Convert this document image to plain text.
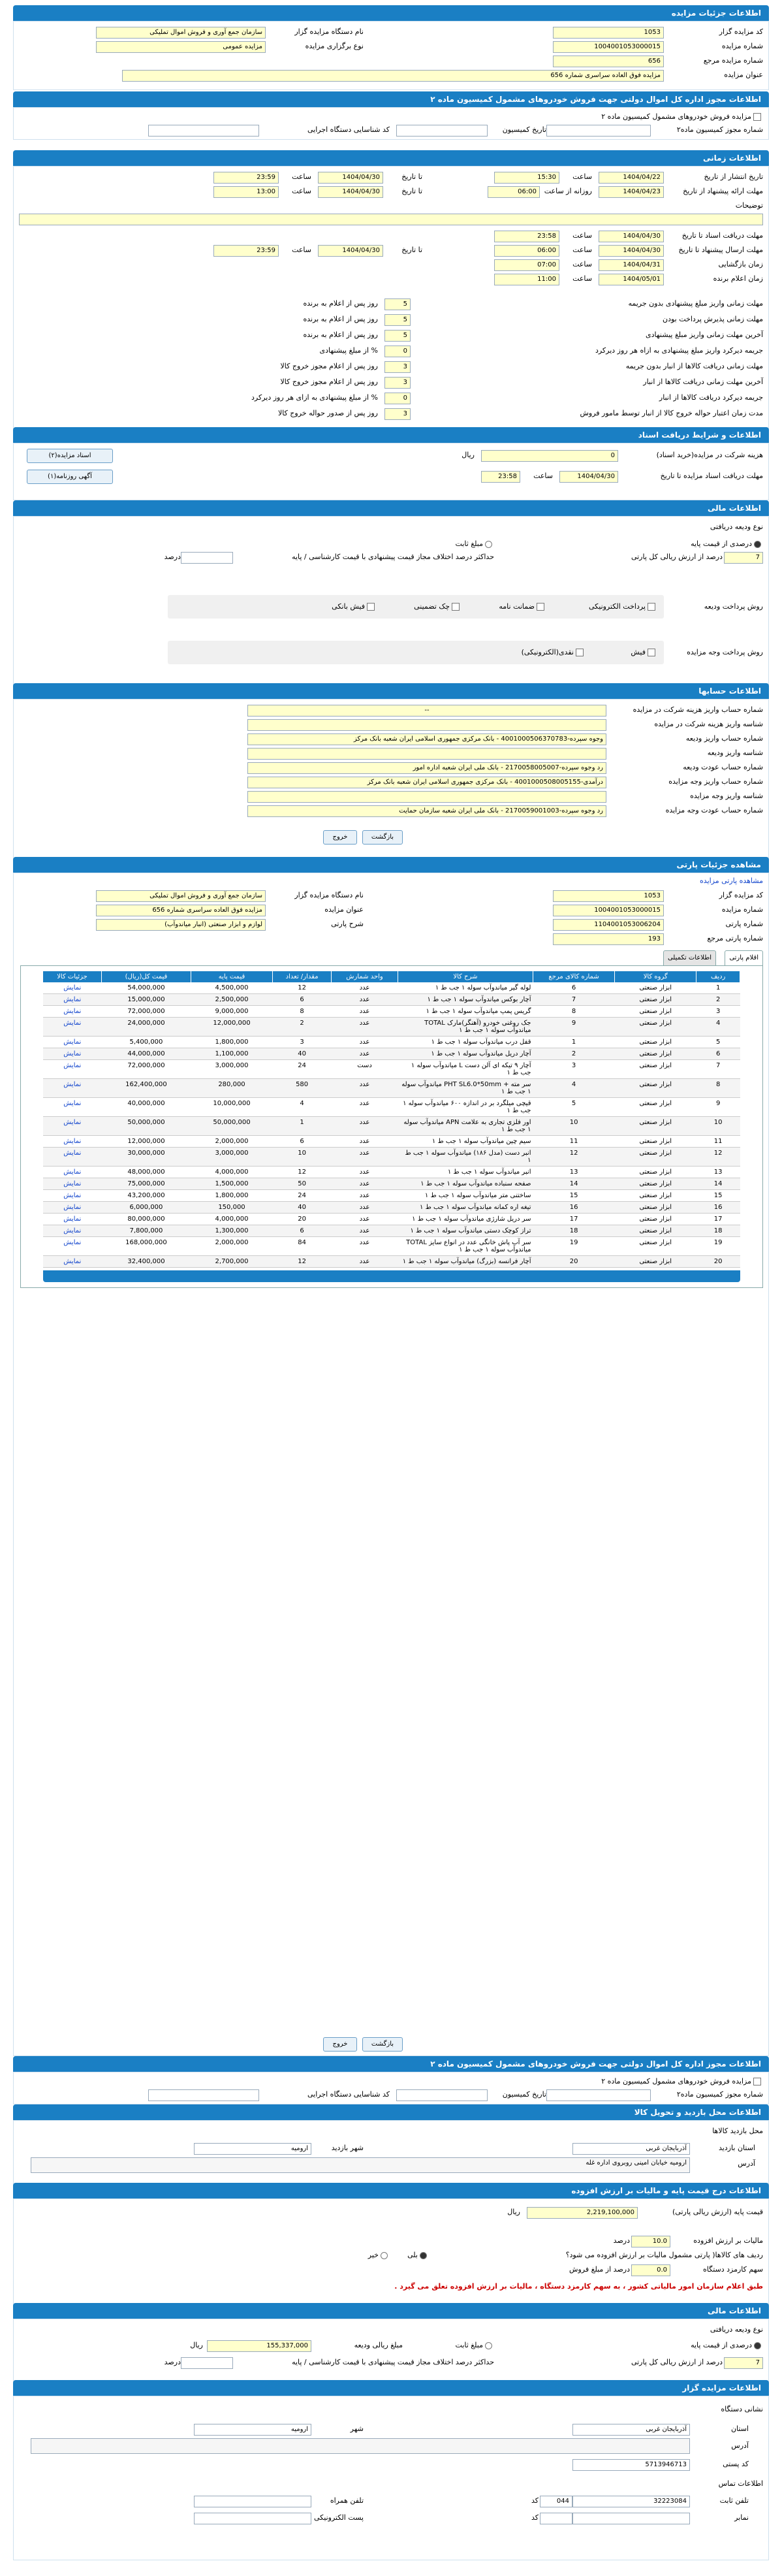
اطلاعات جزئیات مزایده
کد مزایده گزار
1053
نام دستگاه مزایده گزار
سازمان جمع آوری و فروش اموال تملیکی
شماره مزایده
1004001053000015
نوع برگزاری مزایده
مزایده عمومی
شماره مزایده مرجع
656
عنوان مزایده
مزایده فوق العاده سراسری شماره 656
اطلاعات مجوز اداره کل اموال دولتی جهت فروش خودروهای مشمول کمیسیون ماده ۲
مزایده فروش خودروهای مشمول کمیسیون ماده ۲
شماره مجوز کمیسیون ماده۲
تاریخ کمیسیون
کد شناسایی دستگاه اجرایی
اطلاعات زمانی
تاریخ انتشار از تاریخ
1404/04/22
ساعت
15:30
تا تاریخ
1404/04/30
ساعت
23:59
مهلت ارائه پیشنهاد از تاریخ
1404/04/23
روزانه از ساعت
06:00
تا تاریخ
1404/04/30
ساعت
13:00
توضیحات
مهلت دریافت اسناد تا تاریخ
1404/04/30
ساعت
23:58
مهلت ارسال پیشنهاد تا تاریخ
1404/04/30
ساعت
06:00
تا تاریخ
1404/04/30
ساعت
23:59
زمان بازگشایی
1404/04/31
ساعت
07:00
زمان اعلام برنده
1404/05/01
ساعت
11:00
مهلت زمانی واریز مبلغ پیشنهادی بدون جریمه
5
روز پس از اعلام به برنده
مهلت زمانی پذیرش پرداخت بودن
5
روز پس از اعلام به برنده
آخرین مهلت زمانی واریز مبلغ پیشنهادی
5
روز پس از اعلام به برنده
جریمه دیرکرد واریز مبلغ پیشنهادی به ازاه هر روز دیرکرد
0
% از مبلغ پیشنهادی
مهلت زمانی دریافت کالاها از انبار بدون جریمه
3
روز پس از اعلام مجوز خروج کالا
آخرین مهلت زمانی دریافت کالاها از انبار
3
روز پس از اعلام مجوز خروج کالا
جریمه دیرکرد دریافت کالاها از انبار
0
% از مبلغ پیشنهادی به ازای هر روز دیرکرد
مدت زمان اعتبار حواله خروج کالا از انبار توسط مامور فروش
3
روز پس از صدور حواله خروج کالا
اطلاعات و شرایط دریافت اسناد
هزینه شرکت در مزایده(خرید اسناد)
0
ریال
اسناد مزایده(۲)
مهلت دریافت اسناد مزایده تا تاریخ
1404/04/30
ساعت
23:58
آگهی روزنامه(۱)
اطلاعات مالی
نوع ودیعه دریافتی
درصدی از قیمت پایه
مبلغ ثابت
7
درصد از ارزش ریالی کل پارتی
حداکثر درصد اختلاف مجاز قیمت پیشنهادی با قیمت کارشناسی / پایه
درصد
روش پرداخت ودیعه
پرداخت الکترونیکی
ضمانت نامه
چک تضمینی
فیش بانکی
روش پرداخت وجه مزایده
فیش
نقدی(الکترونیکی)
اطلاعات حسابها
شماره حساب واریز هزینه شرکت در مزایده
--
شناسه واریز هزینه شرکت در مزایده
شماره حساب واریز ودیعه
وجوه سپرده-4001000506370783 - بانک مرکزی جمهوری اسلامی ایران شعبه بانک مرکز
شناسه واریز ودیعه
شماره حساب عودت ودیعه
رد وجوه سپرده-2170058005007 - بانک ملی ایران شعبه اداره امور
شماره حساب واریز وجه مزایده
درآمدی-4001000508005155 - بانک مرکزی جمهوری اسلامی ایران شعبه بانک مرکز
شناسه واریز وجه مزایده
شماره حساب عودت وجه مزایده
رد وجوه سپرده-2170059001003 - بانک ملی ایران شعبه سازمان حمایت
بازگشت
خروج
مشاهده جزئیات پارتی
مشاهده پارتی مزایده
کد مزایده گزار
1053
نام دستگاه مزایده گزار
سازمان جمع آوری و فروش اموال تملیکی
شماره مزایده
1004001053000015
عنوان مزایده
مزایده فوق العاده سراسری شماره 656
شماره پارتی
1104001053006204
شرح پارتی
لوازم و ابزار صنعتی (انبار میاندوآب)
شماره پارتی مرجع
193
اقلام پارتی
اطلاعات تکمیلی
ردیف	گروه کالا	شماره کالای مرجع	شرح کالا	واحد شمارش	مقدار/ تعداد	قیمت پایه	قیمت کل(ریال)	جزئیات کالا
1	ابزار صنعتی	6	لوله گیر میاندوآب سوله ۱ جب ط ۱	عدد	12	4,500,000	54,000,000	نمایش
2	ابزار صنعتی	7	آچار بوکس میاندوآب سوله ۱ جب ط ۱	عدد	6	2,500,000	15,000,000	نمایش
3	ابزار صنعتی	8	گریس پمپ میاندوآب سوله ۱ جب ط ۱	عدد	8	9,000,000	72,000,000	نمایش
4	ابزار صنعتی	9	جک روغنی خودرو (آهنگر)مارک TOTAL میاندوآب سوله ۱ جب ط ۱	عدد	2	12,000,000	24,000,000	نمایش
5	ابزار صنعتی	1	قفل درب میاندوآب سوله ۱ جب ط ۱	عدد	3	1,800,000	5,400,000	نمایش
6	ابزار صنعتی	2	آچار دریل میاندوآب سوله ۱ جب ط ۱	عدد	40	1,100,000	44,000,000	نمایش
7	ابزار صنعتی	3	آچار ۹ تیکه ای آلن دست L میاندوآب سوله ۱ جب ط ۱	دست	24	3,000,000	72,000,000	نمایش
8	ابزار صنعتی	4	سر مته + PHT SL6.0*50mm میاندوآب سوله ۱ جب ط ۱	عدد	580	280,000	162,400,000	نمایش
9	ابزار صنعتی	5	قیچی میلگرد بر در اندازه ۶۰۰ میاندوآب سوله ۱ جب ط ۱	عدد	4	10,000,000	40,000,000	نمایش
10	ابزار صنعتی	10	اور فلزی تجاری به علامت APN میاندوآب سوله ۱ جب ط ۱	عدد	1	50,000,000	50,000,000	نمایش
11	ابزار صنعتی	11	سیم چین میاندوآب سوله ۱ جب ط ۱	عدد	6	2,000,000	12,000,000	نمایش
12	ابزار صنعتی	12	انبر دست (مدل ۱۸۶) میاندوآب سوله ۱ جب ط ۱	عدد	10	3,000,000	30,000,000	نمایش
13	ابزار صنعتی	13	انبر میاندوآب سوله ۱ جب ط ۱	عدد	12	4,000,000	48,000,000	نمایش
14	ابزار صنعتی	14	صفحه سنباده میاندوآب سوله ۱ جب ط ۱	عدد	50	1,500,000	75,000,000	نمایش
15	ابزار صنعتی	15	ساختنی متر میاندوآب سوله ۱ جب ط ۱	عدد	24	1,800,000	43,200,000	نمایش
16	ابزار صنعتی	16	تیغه اره کمانه میاندوآب سوله ۱ جب ط ۱	عدد	40	150,000	6,000,000	نمایش
17	ابزار صنعتی	17	سر دریل شارژی میاندوآب سوله ۱ جب ط ۱	عدد	20	4,000,000	80,000,000	نمایش
18	ابزار صنعتی	18	تراز کوچک دستی میاندوآب سوله ۱ جب ط ۱	عدد	6	1,300,000	7,800,000	نمایش
19	ابزار صنعتی	19	سر آب پاش خانگی عدد در انواع سایز TOTAL میاندوآب سوله ۱ جب ط ۱	عدد	84	2,000,000	168,000,000	نمایش
20	ابزار صنعتی	20	آچار فرانسه (بزرگ) میاندوآب سوله ۱ جب ط ۱	عدد	12	2,700,000	32,400,000	نمایش
بازگشت
خروج
اطلاعات مجوز اداره کل اموال دولتی جهت فروش خودروهای مشمول کمیسیون ماده ۲
مزایده فروش خودروهای مشمول کمیسیون ماده ۲
شماره مجوز کمیسیون ماده۲
تاریخ کمیسیون
کد شناسایی دستگاه اجرایی
اطلاعات محل بازدید و تحویل کالا
محل بازدید کالاها
استان بازدید
آذربایجان غربی
شهر بازدید
ارومیه
آدرس
ارومیه خیابان امینی روبروی اداره غله
اطلاعات درج قیمت پایه و مالیات بر ارزش افزوده
قیمت پایه (ارزش ریالی پارتی)
2,219,100,000
ریال
مالیات بر ارزش افزوده
10.0
درصد
ردیف های کالاها( پارتی مشمول مالیات بر ارزش افزوده می شود؟
بلی
خیر
سهم کارمزد دستگاه
0.0
درصد از مبلغ فروش
طبق اعلام سازمان امور مالیاتی کشور ، به سهم کارمزد دستگاه ، مالیات بر ارزش افزوده تعلق می گیرد .
اطلاعات مالی
نوع ودیعه دریافتی
درصدی از قیمت پایه
مبلغ ثابت
مبلغ ریالی ودیعه
155,337,000
ریال
7
درصد از ارزش ریالی کل پارتی
حداکثر درصد اختلاف مجاز قیمت پیشنهادی با قیمت کارشناسی / پایه
درصد
اطلاعات مزایده گزار
نشانی دستگاه
استان
آذربایجان غربی
شهر
ارومیه
آدرس
کد پستی
5713946713
اطلاعات تماس
تلفن ثابت
32223084
044
کد
تلفن همراه
نمابر
کد
پست الکترونیکی
